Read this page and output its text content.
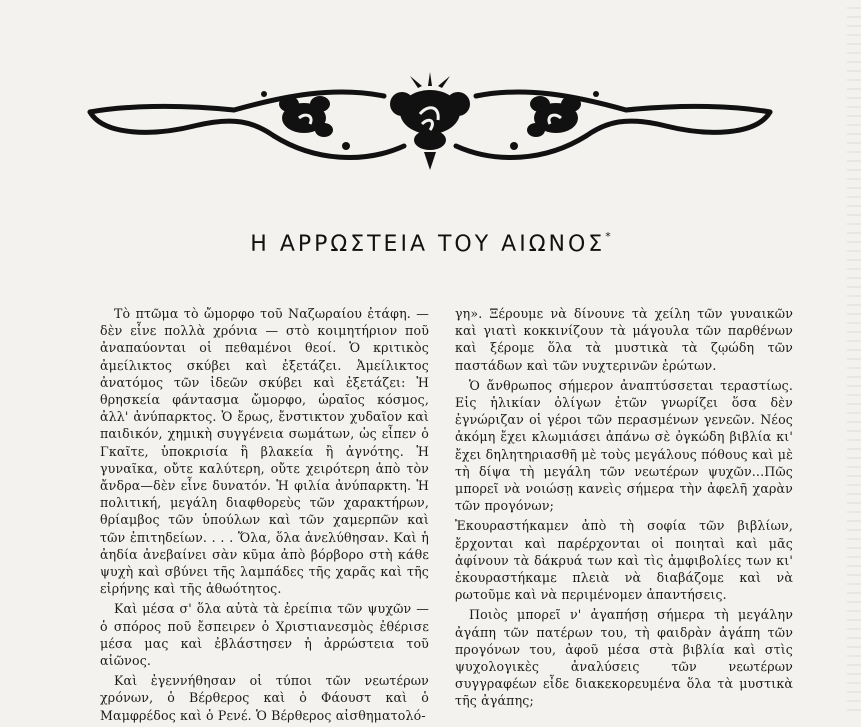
Η ΑΡΡΩΣΤΕΙΑ ΤΟΥ ΑΙΩΝΟΣ*

Τὸ πτῶμα τὸ ὤμορφο τοῦ Ναζωραίου ἐτάφη. — δὲν εἶνε πολλὰ χρόνια — στὸ κοιμητήριον ποῦ ἀναπαύονται οἱ πεθαμένοι θεοί. Ὁ κριτικὸς ἀμείλικτος σκύβει καὶ ἐξετάζει. Ἀμείλικτος ἀνατόμος τῶν ἰδεῶν σκύβει καὶ ἐξετάζει: Ἡ θρησκεία φάντασμα ὤμορφο, ὡραῖος κόσμος, ἀλλ' ἀνύπαρκτος. Ὁ ἔρως, ἔνστικτον χυδαῖον καὶ παιδικόν, χημικὴ συγγένεια σωμάτων, ὡς εἶπεν ὁ Γκαῖτε, ὑποκρισία ἢ βλακεία ἢ ἀγνότης. Ἡ γυναῖκα, οὔτε καλύτερη, οὔτε χειρότερη ἀπὸ τὸν ἄνδρα—δὲν εἶνε δυνατόν. Ἡ φιλία ἀνύπαρκτη. Ἡ πολιτική, μεγάλη διαφθορεὺς τῶν χαρακτήρων, θρίαμβος τῶν ὑπούλων καὶ τῶν χαμερπῶν καὶ τῶν ἐπιτηδείων. . . . Ὅλα, ὅλα ἀνελύθησαν. Καὶ ἡ ἀηδία ἀνεβαίνει σὰν κῦμα ἀπὸ βόρβορο στὴ κάθε ψυχὴ καὶ σβύνει τῆς λαμπάδες τῆς χαρᾶς καὶ τῆς εἰρήνης καὶ τῆς ἀθωότητος.

Καὶ μέσα σ' ὅλα αὐτὰ τὰ ἐρείπια τῶν ψυχῶν —ὁ σπόρος ποῦ ἔσπειρεν ὁ Χριστιανεσμὸς ἐθέρισε μέσα μας καὶ ἐβλάστησεν ἡ ἀρρώστεια τοῦ αἰῶνος.

Καὶ ἐγεννήθησαν οἱ τύποι τῶν νεωτέρων χρόνων, ὁ Βέρθερος καὶ ὁ Φάουστ καὶ ὁ Μαμφρέδος καὶ ὁ Ρενέ. Ὁ Βέρθερος αἰσθηματολό-

γη». Ξέρουμε νὰ δίνουνε τὰ χείλη τῶν γυναικῶν καὶ γιατὶ κοκκινίζουν τὰ μάγουλα τῶν παρθένων καὶ ξέρομε ὅλα τὰ μυστικὰ τὰ ζῳώδη τῶν παστάδων καὶ τῶν νυχτερινῶν ἐρώτων.

Ὁ ἄνθρωπος σήμερον ἀναπτύσσεται τεραστίως. Εἰς ἡλικίαν ὀλίγων ἐτῶν γνωρίζει ὅσα δὲν ἐγνώριζαν οἱ γέροι τῶν περασμένων γενεῶν. Νέος ἀκόμη ἔχει κλωμιάσει ἀπάνω σὲ ὀγκώδη βιβλία κι' ἔχει δηλητηριασθῆ μὲ τοὺς μεγάλους πόθους καὶ μὲ τὴ δίψα τὴ μεγάλη τῶν νεωτέρων ψυχῶν...Πῶς μπορεῖ νὰ νοιώσῃ κανεὶς σήμερα τὴν ἀφελῆ χαρὰν τῶν προγόνων;

Ἐκουραστήκαμεν ἀπὸ τὴ σοφία τῶν βιβλίων, ἔρχονται καὶ παρέρχονται οἱ ποιηταὶ καὶ μᾶς ἀφίνουν τὰ δάκρυά των καὶ τὶς ἀμφιβολίες των κι' ἐκουραστήκαμε πλειὰ νὰ διαβάζομε καὶ νὰ ρωτοῦμε καὶ νὰ περιμένομεν ἀπαντήσεις.

Ποιὸς μπορεῖ ν' ἀγαπήσῃ σήμερα τὴ μεγάλην ἀγάπη τῶν πατέρων του, τὴ φαιδρὰν ἀγάπη τῶν προγόνων του, ἀφοῦ μέσα στὰ βιβλία καὶ στὶς ψυχολογικὲς ἀναλύσεις τῶν νεωτέρων συγγραφέων εἶδε διακεκορευμένα ὅλα τὰ μυστικὰ τῆς ἀγάπης;
